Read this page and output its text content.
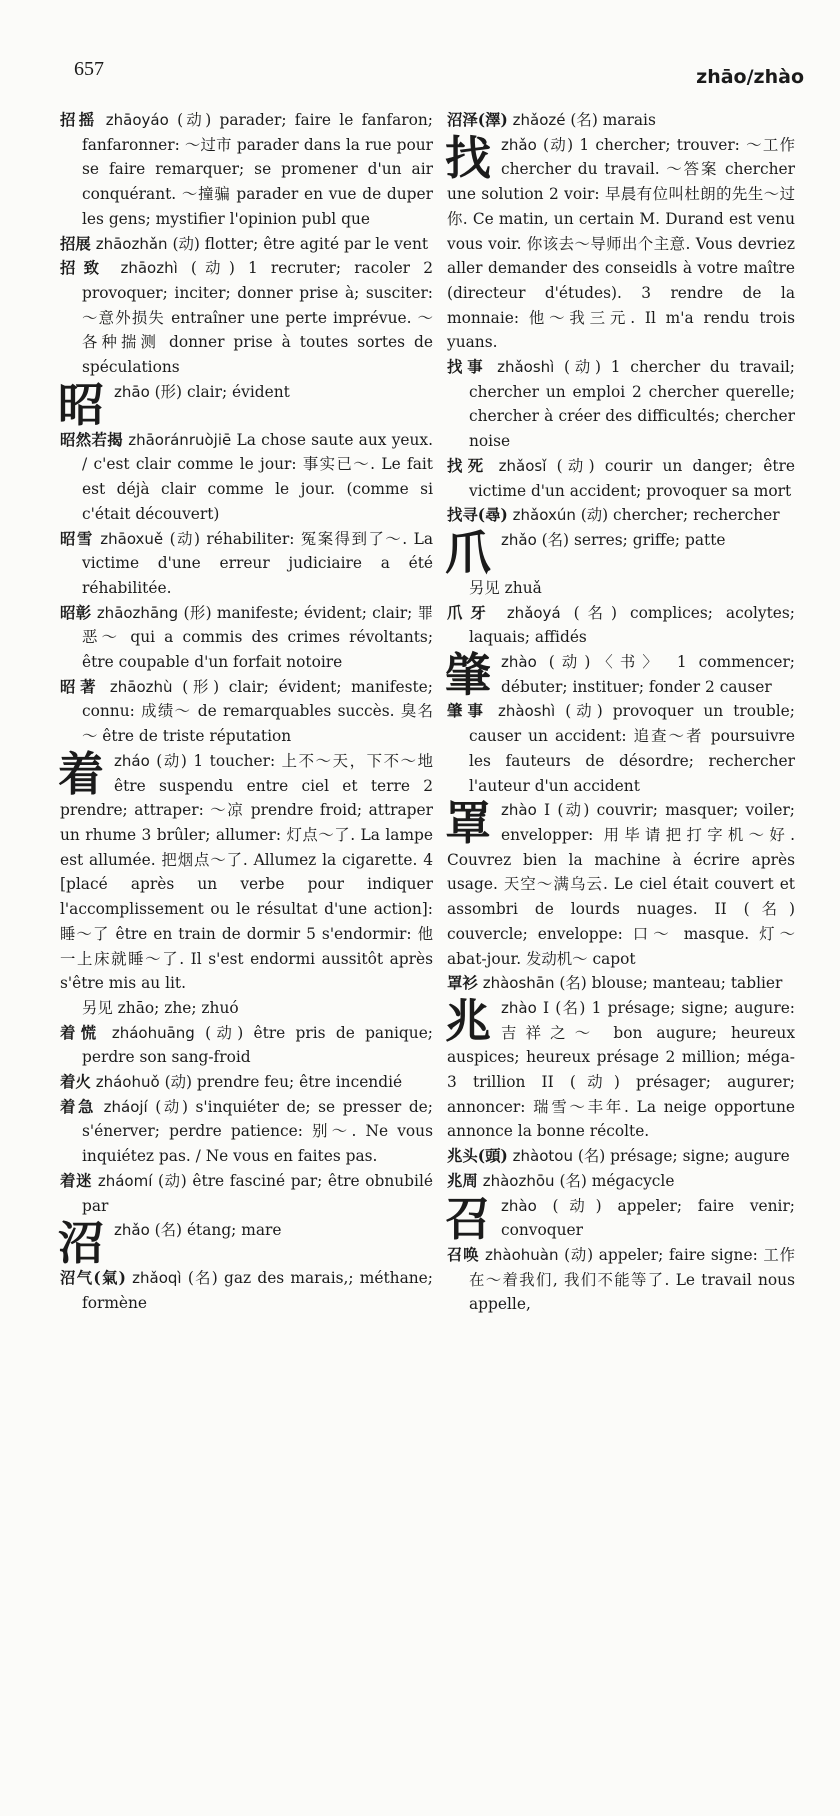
657	zhāo/zhào

招摇 zhāoyáo (动) parader; faire le fanfaron; fanfaronner: ～过市 parader dans la rue pour se faire remarquer; se promener d'un air conquérant. ～撞骗 parader en vue de duper les gens; mystifier l'opinion publ que

招展 zhāozhǎn (动) flotter; être agité par le vent

招致 zhāozhì (动) 1 recruter; racoler 2 provoquer; inciter; donner prise à; susciter: ～意外损失 entraîner une perte imprévue. ～各种揣测 donner prise à toutes sortes de spéculations

昭zhāo (形) clair; évident

昭然若揭 zhāoránruòjiē La chose saute aux yeux. / c'est clair comme le jour: 事实已～. Le fait est déjà clair comme le jour. (comme si c'était découvert)

昭雪 zhāoxuě (动) réhabiliter: 冤案得到了～. La victime d'une erreur judiciaire a été réhabilitée.

昭彰 zhāozhāng (形) manifeste; évident; clair; 罪恶～ qui a commis des crimes révoltants; être coupable d'un forfait notoire

昭著 zhāozhù (形) clair; évident; manifeste; connu: 成绩～ de remarquables succès. 臭名～ être de triste réputation

着zháo (动) 1 toucher: 上不～天，下不～地 être suspendu entre ciel et terre 2 prendre; attraper: ～凉 prendre froid; attraper un rhume 3 brûler; allumer: 灯点～了. La lampe est allumée. 把烟点～了. Allumez la cigarette. 4 [placé après un verbe pour indiquer l'accomplissement ou le résultat d'une action]: 睡～了 être en train de dormir 5 s'endormir: 他一上床就睡～了. Il s'est endormi aussitôt après s'être mis au lit.

另见 zhāo; zhe; zhuó

着慌 zháohuāng (动) être pris de panique; perdre son sang-froid

着火 zháohuǒ (动) prendre feu; être incendié

着急 zháojí (动) s'inquiéter de; se presser de; s'énerver; perdre patience: 别～. Ne vous inquiétez pas. / Ne vous en faites pas.

着迷 zháomí (动) être fasciné par; être obnubilé par

沼zhǎo (名) étang; mare

沼气(氣) zhǎoqì (名) gaz des marais,; méthane; formène

沼泽(澤) zhǎozé (名) marais

找zhǎo (动) 1 chercher; trouver: ～工作 chercher du travail. ～答案 chercher une solution 2 voir: 早晨有位叫杜朗的先生～过你. Ce matin, un certain M. Durand est venu vous voir. 你该去～导师出个主意. Vous devriez aller demander des conseidls à votre maître (directeur d'études). 3 rendre de la monnaie: 他～我三元. Il m'a rendu trois yuans.

找事 zhǎoshì (动) 1 chercher du travail; chercher un emploi 2 chercher querelle; chercher à créer des difficultés; chercher noise

找死 zhǎosǐ (动) courir un danger; être victime d'un accident; provoquer sa mort

找寻(尋) zhǎoxún (动) chercher; rechercher

爪zhǎo (名) serres; griffe; patte

另见 zhuǎ

爪牙 zhǎoyá (名) complices; acolytes; laquais; affidés

肇zhào (动)〈书〉 1 commencer; débuter; instituer; fonder 2 causer

肇事 zhàoshì (动) provoquer un trouble; causer un accident: 追查～者 poursuivre les fauteurs de désordre; rechercher l'auteur d'un accident

罩zhào I (动) couvrir; masquer; voiler; envelopper: 用毕请把打字机～好. Couvrez bien la machine à écrire après usage. 天空～满乌云. Le ciel était couvert et assombri de lourds nuages. II (名) couvercle; enveloppe: 口～ masque. 灯～ abat-jour. 发动机～ capot

罩衫 zhàoshān (名) blouse; manteau; tablier

兆zhào I (名) 1 présage; signe; augure: 吉祥之～ bon augure; heureux auspices; heureux présage 2 million; méga- 3 trillion II (动) présager; augurer; annoncer: 瑞雪～丰年. La neige opportune annonce la bonne récolte.

兆头(頭) zhàotou (名) présage; signe; augure

兆周 zhàozhōu (名) mégacycle

召zhào (动) appeler; faire venir; convoquer

召唤 zhàohuàn (动) appeler; faire signe: 工作在～着我们, 我们不能等了. Le travail nous appelle,
